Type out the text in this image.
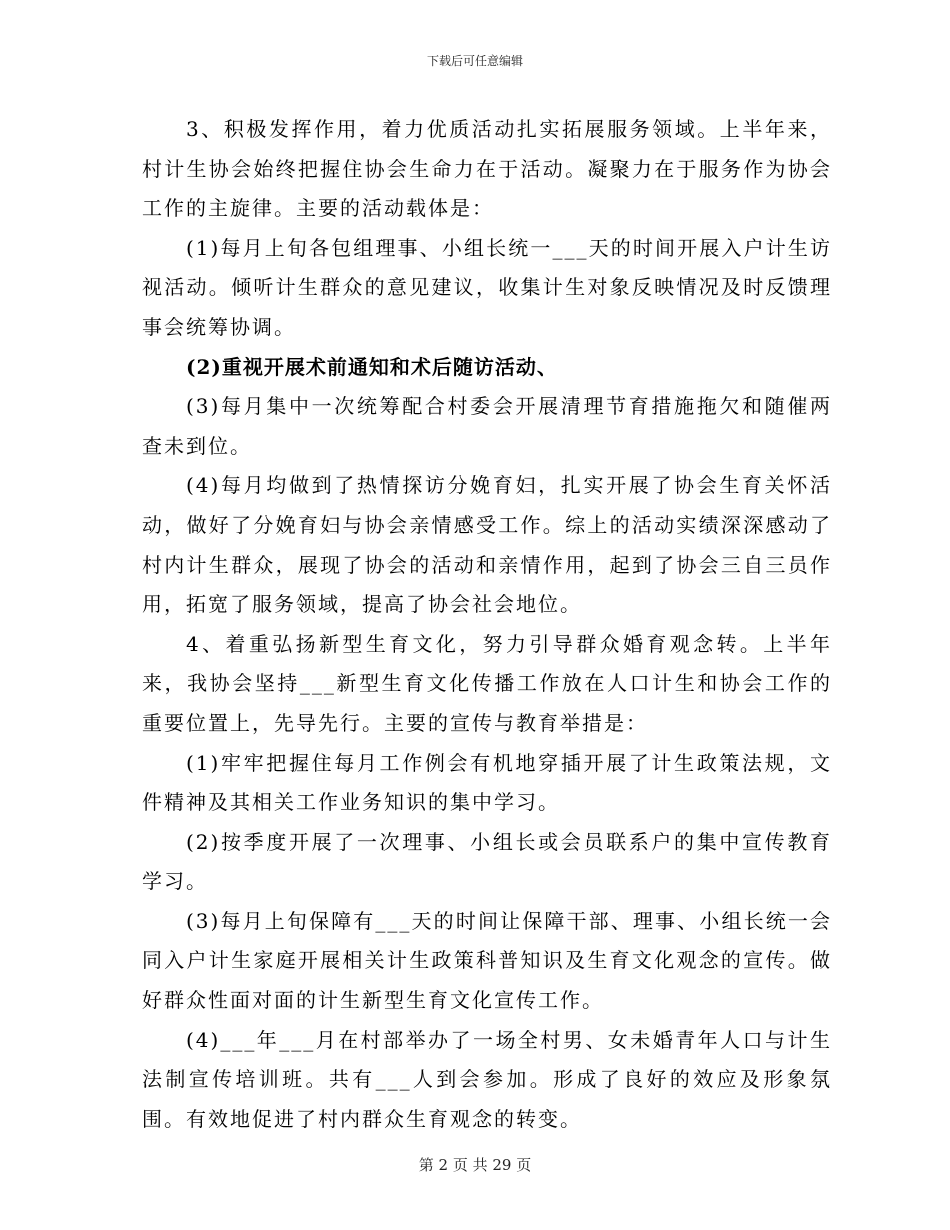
下载后可任意编辑

3、积极发挥作用，着力优质活动扎实拓展服务领域。上半年来，村计生协会始终把握住协会生命力在于活动。凝聚力在于服务作为协会工作的主旋律。主要的活动载体是：

(1)每月上旬各包组理事、小组长统一___天的时间开展入户计生访视活动。倾听计生群众的意见建议，收集计生对象反映情况及时反馈理事会统筹协调。

(2)重视开展术前通知和术后随访活动、

(3)每月集中一次统筹配合村委会开展清理节育措施拖欠和随催两查未到位。

(4)每月均做到了热情探访分娩育妇，扎实开展了协会生育关怀活动，做好了分娩育妇与协会亲情感受工作。综上的活动实绩深深感动了村内计生群众，展现了协会的活动和亲情作用，起到了协会三自三员作用，拓宽了服务领域，提高了协会社会地位。

4、着重弘扬新型生育文化，努力引导群众婚育观念转。上半年来，我协会坚持___新型生育文化传播工作放在人口计生和协会工作的重要位置上，先导先行。主要的宣传与教育举措是：

(1)牢牢把握住每月工作例会有机地穿插开展了计生政策法规，文件精神及其相关工作业务知识的集中学习。

(2)按季度开展了一次理事、小组长或会员联系户的集中宣传教育学习。

(3)每月上旬保障有___天的时间让保障干部、理事、小组长统一会同入户计生家庭开展相关计生政策科普知识及生育文化观念的宣传。做好群众性面对面的计生新型生育文化宣传工作。

(4)___年___月在村部举办了一场全村男、女未婚青年人口与计生法制宣传培训班。共有___人到会参加。形成了良好的效应及形象氛围。有效地促进了村内群众生育观念的转变。

第 2 页 共 29 页
